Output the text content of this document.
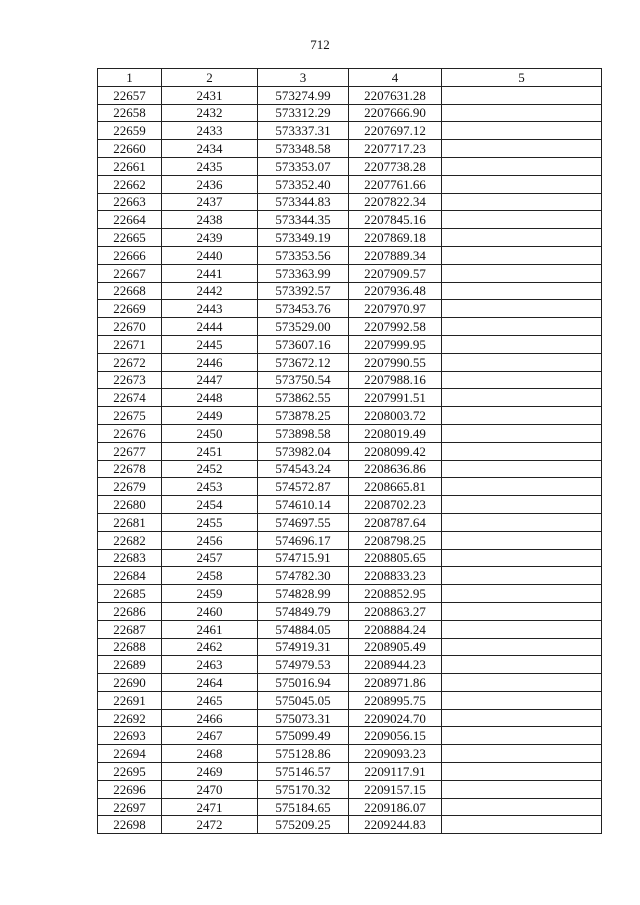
712
1	2	3	4	5
22657	2431	573274.99	2207631.28	
22658	2432	573312.29	2207666.90	
22659	2433	573337.31	2207697.12	
22660	2434	573348.58	2207717.23	
22661	2435	573353.07	2207738.28	
22662	2436	573352.40	2207761.66	
22663	2437	573344.83	2207822.34	
22664	2438	573344.35	2207845.16	
22665	2439	573349.19	2207869.18	
22666	2440	573353.56	2207889.34	
22667	2441	573363.99	2207909.57	
22668	2442	573392.57	2207936.48	
22669	2443	573453.76	2207970.97	
22670	2444	573529.00	2207992.58	
22671	2445	573607.16	2207999.95	
22672	2446	573672.12	2207990.55	
22673	2447	573750.54	2207988.16	
22674	2448	573862.55	2207991.51	
22675	2449	573878.25	2208003.72	
22676	2450	573898.58	2208019.49	
22677	2451	573982.04	2208099.42	
22678	2452	574543.24	2208636.86	
22679	2453	574572.87	2208665.81	
22680	2454	574610.14	2208702.23	
22681	2455	574697.55	2208787.64	
22682	2456	574696.17	2208798.25	
22683	2457	574715.91	2208805.65	
22684	2458	574782.30	2208833.23	
22685	2459	574828.99	2208852.95	
22686	2460	574849.79	2208863.27	
22687	2461	574884.05	2208884.24	
22688	2462	574919.31	2208905.49	
22689	2463	574979.53	2208944.23	
22690	2464	575016.94	2208971.86	
22691	2465	575045.05	2208995.75	
22692	2466	575073.31	2209024.70	
22693	2467	575099.49	2209056.15	
22694	2468	575128.86	2209093.23	
22695	2469	575146.57	2209117.91	
22696	2470	575170.32	2209157.15	
22697	2471	575184.65	2209186.07	
22698	2472	575209.25	2209244.83	
